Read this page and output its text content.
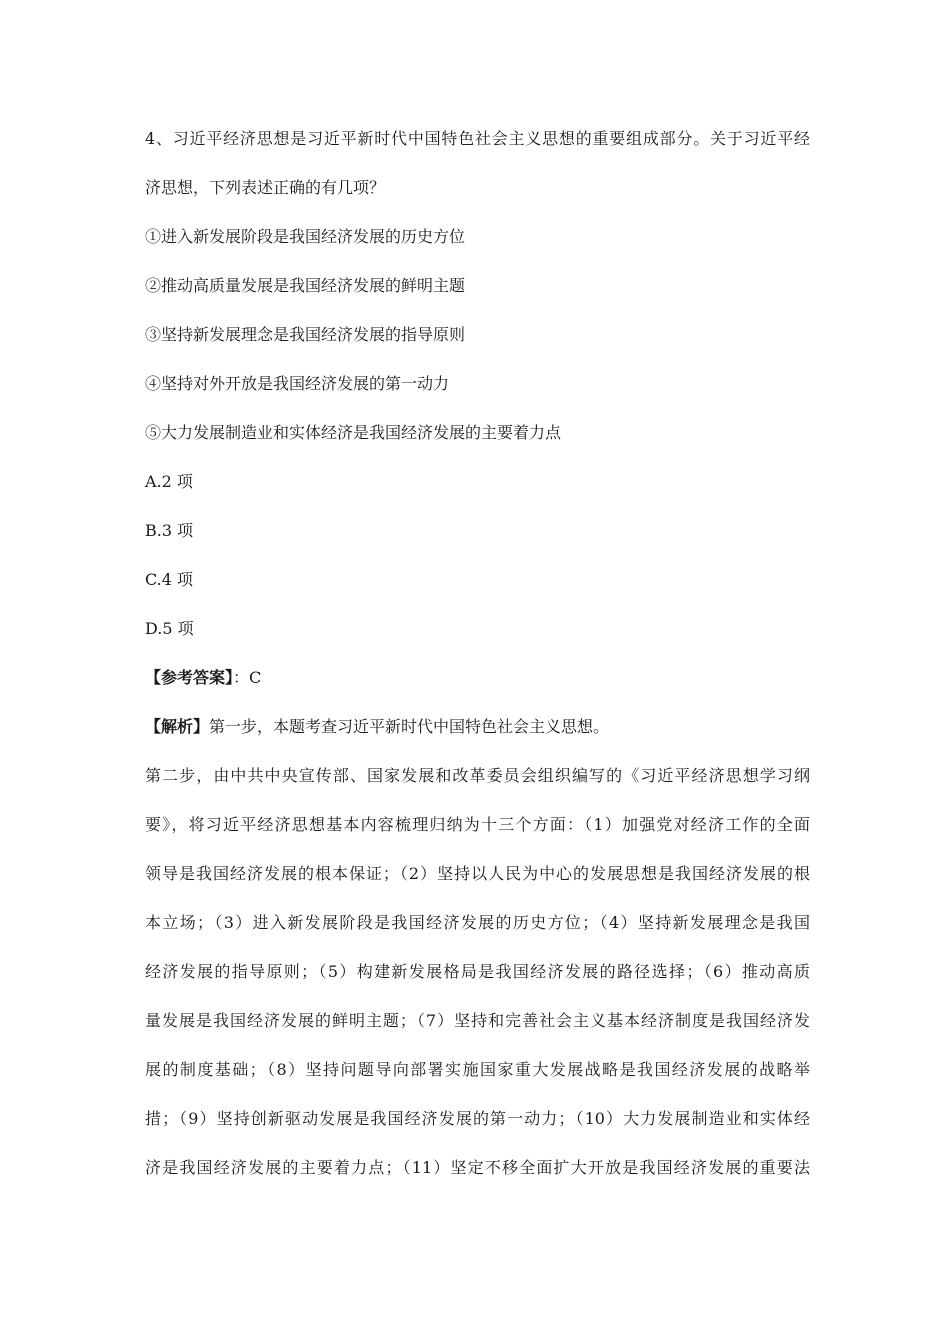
4、习近平经济思想是习近平新时代中国特色社会主义思想的重要组成部分。关于习近平经
济思想，下列表述正确的有几项？
①进入新发展阶段是我国经济发展的历史方位
②推动高质量发展是我国经济发展的鲜明主题
③坚持新发展理念是我国经济发展的指导原则
④坚持对外开放是我国经济发展的第一动力
⑤大力发展制造业和实体经济是我国经济发展的主要着力点
A.2 项
B.3 项
C.4 项
D.5 项
【参考答案】：C
【解析】第一步，本题考查习近平新时代中国特色社会主义思想。
第二步，由中共中央宣传部、国家发展和改革委员会组织编写的《习近平经济思想学习纲
要》，将习近平经济思想基本内容梳理归纳为十三个方面：（1）加强党对经济工作的全面
领导是我国经济发展的根本保证；（2）坚持以人民为中心的发展思想是我国经济发展的根
本立场；（3）进入新发展阶段是我国经济发展的历史方位；（4）坚持新发展理念是我国
经济发展的指导原则；（5）构建新发展格局是我国经济发展的路径选择；（6）推动高质
量发展是我国经济发展的鲜明主题；（7）坚持和完善社会主义基本经济制度是我国经济发
展的制度基础；（8）坚持问题导向部署实施国家重大发展战略是我国经济发展的战略举
措；（9）坚持创新驱动发展是我国经济发展的第一动力；（10）大力发展制造业和实体经
济是我国经济发展的主要着力点；（11）坚定不移全面扩大开放是我国经济发展的重要法
